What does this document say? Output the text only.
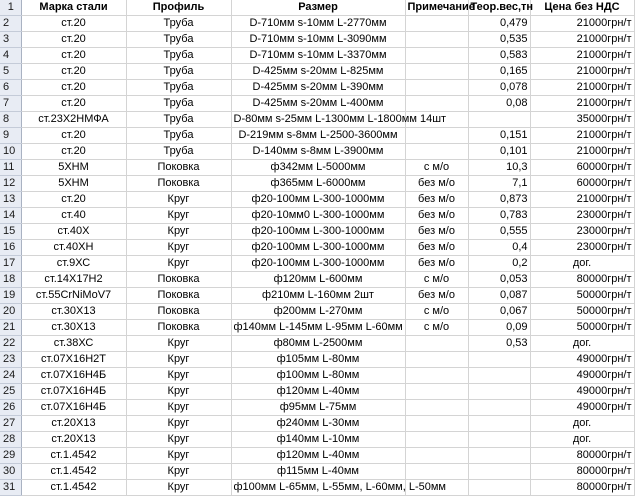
1	Марка стали	Профиль	Размер	Примечание	Теор.вес,тн	Цена без НДС
2	ст.20	Труба	D-710мм s-10мм L-2770мм		0,479	21000грн/т
3	ст.20	Труба	D-710мм s-10мм L-3090мм		0,535	21000грн/т
4	ст.20	Труба	D-710мм s-10мм L-3370мм		0,583	21000грн/т
5	ст.20	Труба	D-425мм s-20мм L-825мм		0,165	21000грн/т
6	ст.20	Труба	D-425мм s-20мм L-390мм		0,078	21000грн/т
7	ст.20	Труба	D-425мм s-20мм L-400мм		0,08	21000грн/т
8	ст.23Х2НМФА	Труба	D-80мм s-25мм L-1300мм L-1800мм 14шт			35000грн/т
9	ст.20	Труба	D-219мм s-8мм L-2500-3600мм		0,151	21000грн/т
10	ст.20	Труба	D-140мм s-8мм L-3900мм		0,101	21000грн/т
11	5ХНМ	Поковка	ф342мм L-5000мм	с м/о	10,3	60000грн/т
12	5ХНМ	Поковка	ф365мм L-6000мм	без м/о	7,1	60000грн/т
13	ст.20	Круг	ф20-100мм L-300-1000мм	без м/о	0,873	21000грн/т
14	ст.40	Круг	ф20-10мм0 L-300-1000мм	без м/о	0,783	23000грн/т
15	ст.40Х	Круг	ф20-100мм L-300-1000мм	без м/о	0,555	23000грн/т
16	ст.40ХН	Круг	ф20-100мм L-300-1000мм	без м/о	0,4	23000грн/т
17	ст.9ХС	Круг	ф20-100мм L-300-1000мм	без м/о	0,2	дог.
18	ст.14Х17Н2	Поковка	ф120мм L-600мм	с м/о	0,053	80000грн/т
19	ст.55CrNiMoV7	Поковка	ф210мм L-160мм 2шт	без м/о	0,087	50000грн/т
20	ст.30Х13	Поковка	ф200мм L-270мм	с м/о	0,067	50000грн/т
21	ст.30Х13	Поковка	ф140мм L-145мм L-95мм L-60мм	с м/о	0,09	50000грн/т
22	ст.38ХС	Круг	ф80мм L-2500мм		0,53	дог.
23	ст.07Х16Н2Т	Круг	ф105мм L-80мм			49000грн/т
24	ст.07Х16Н4Б	Круг	ф100мм L-80мм			49000грн/т
25	ст.07Х16Н4Б	Круг	ф120мм L-40мм			49000грн/т
26	ст.07Х16Н4Б	Круг	ф95мм L-75мм			49000грн/т
27	ст.20Х13	Круг	ф240мм L-30мм			дог.
28	ст.20Х13	Круг	ф140мм L-10мм			дог.
29	ст.1.4542	Круг	ф120мм L-40мм			80000грн/т
30	ст.1.4542	Круг	ф115мм L-40мм			80000грн/т
31	ст.1.4542	Круг	ф100мм L-65мм, L-55мм, L-60мм, L-50мм			80000грн/т
